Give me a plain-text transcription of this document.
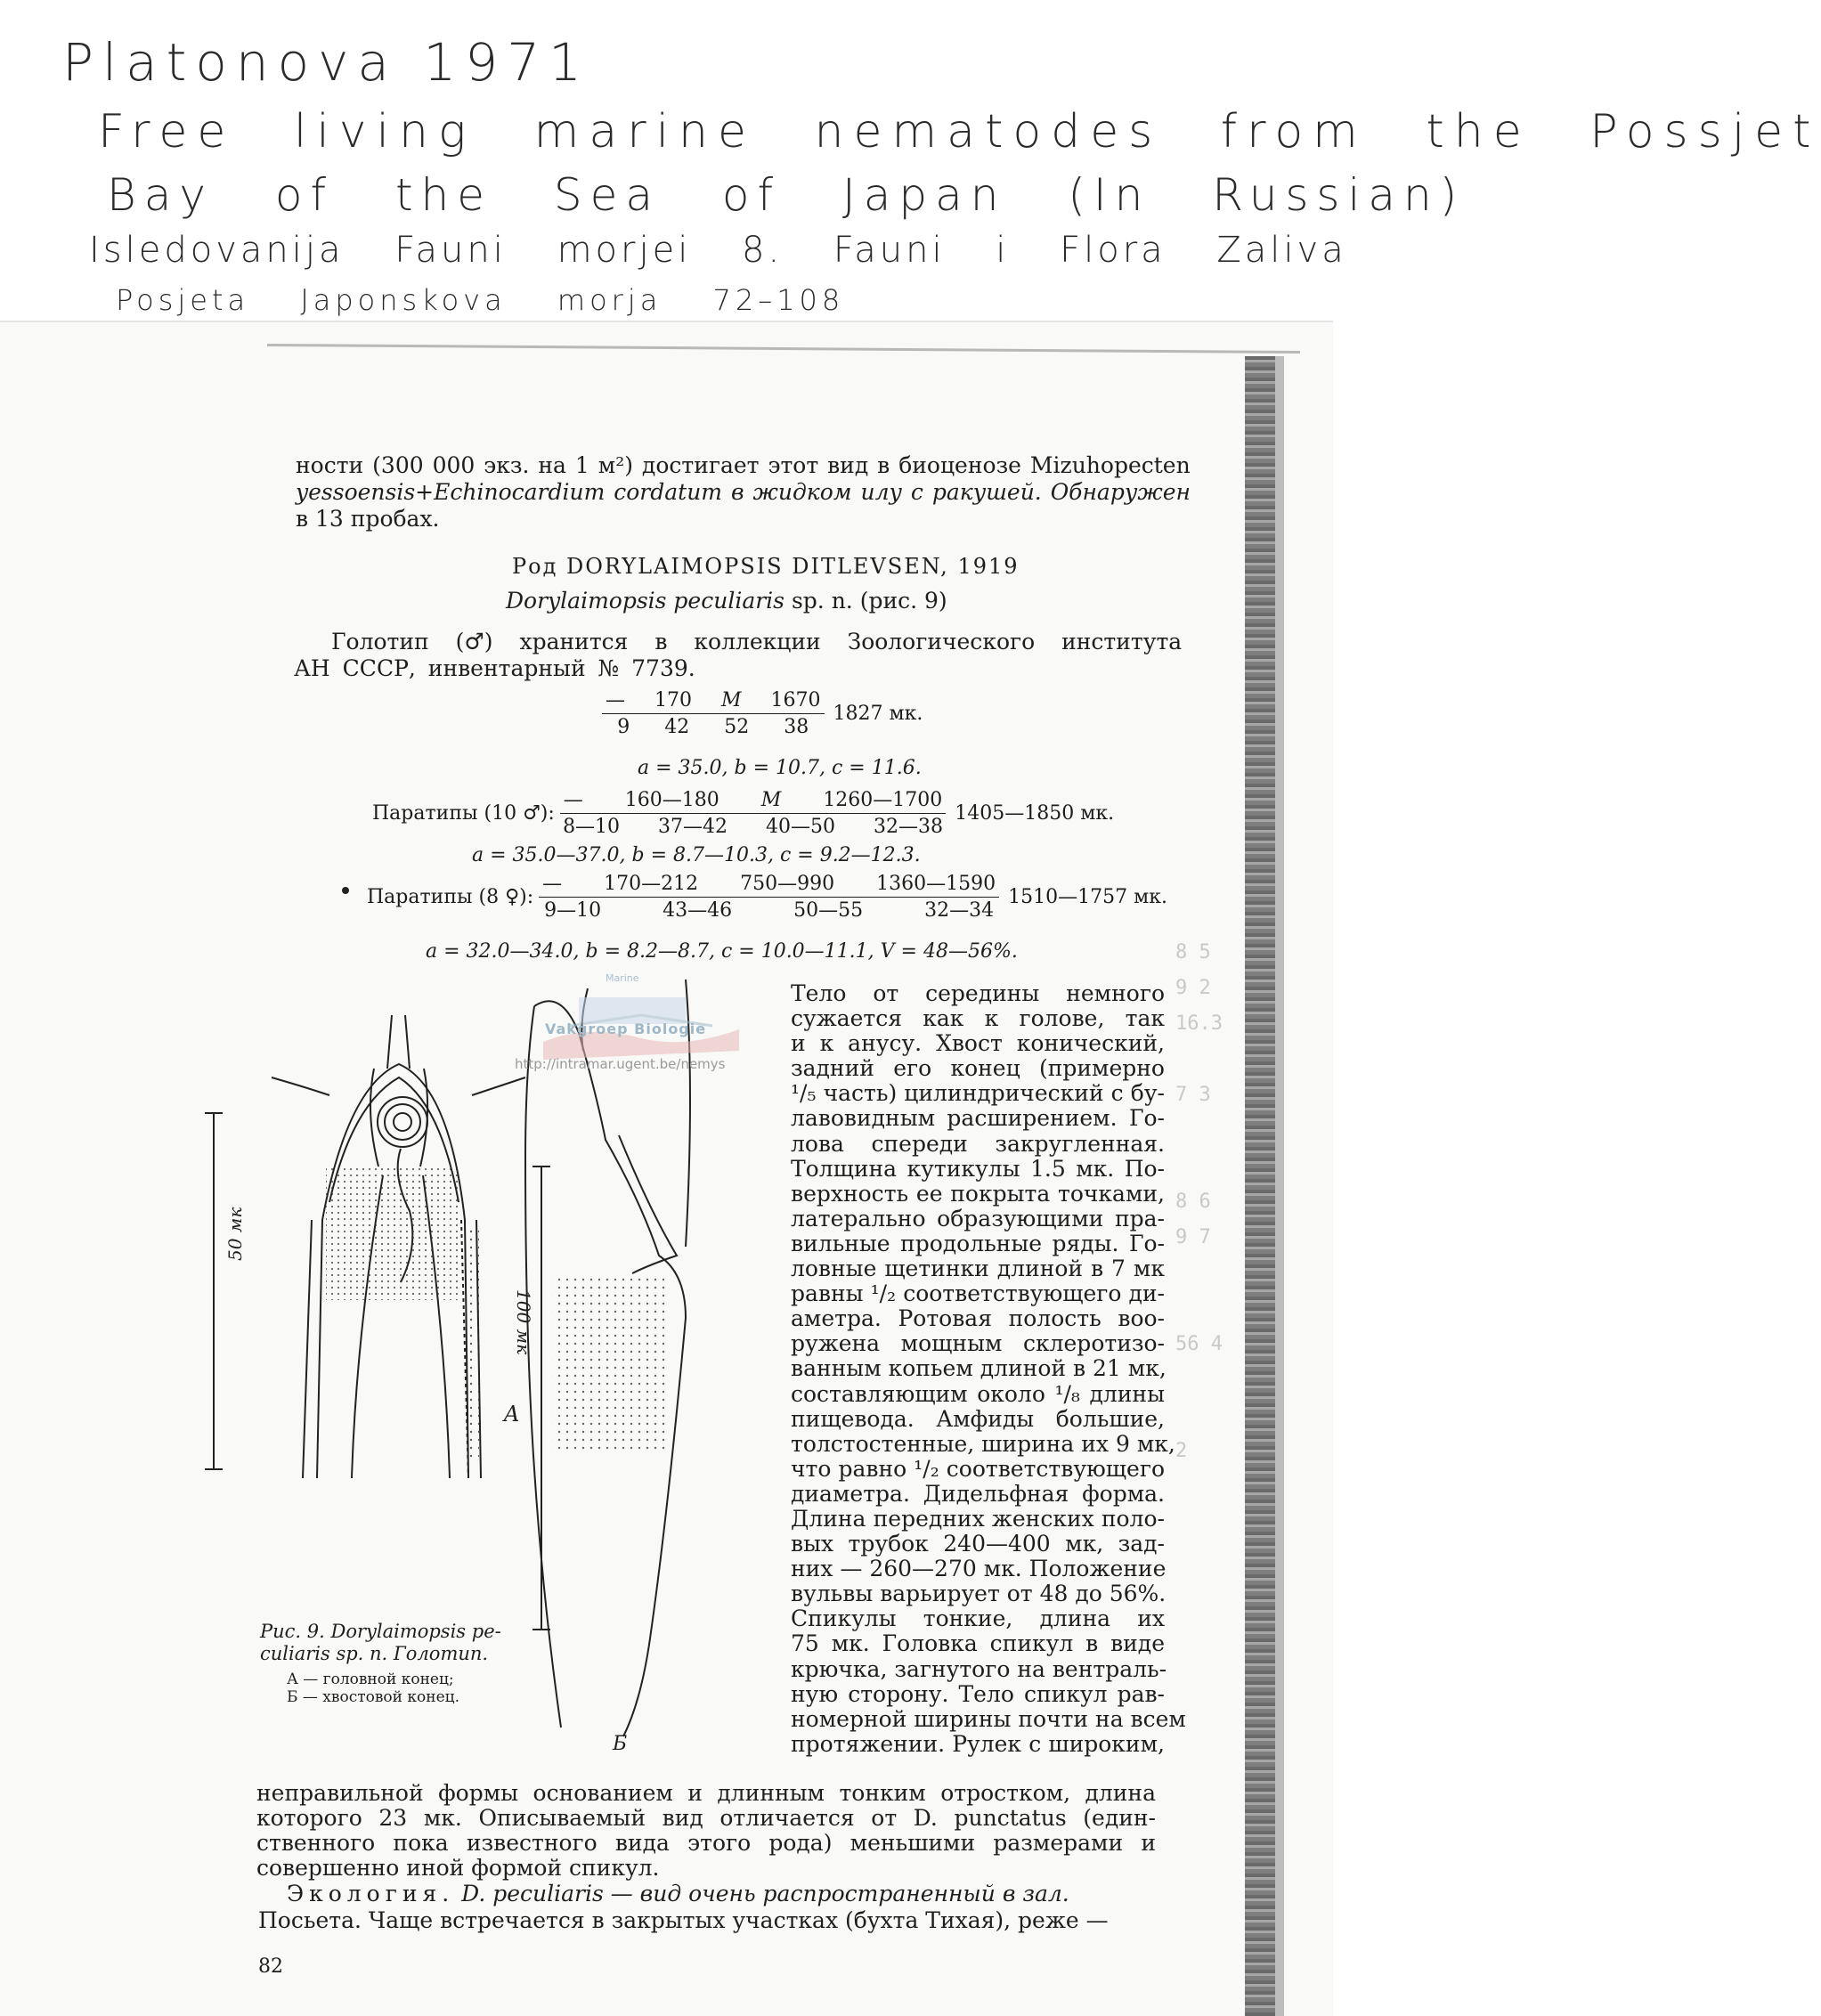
Platonova 1971
Free living marine nematodes from the Possjet
Bay of the Sea of Japan (In Russian)
Isledovanija Fauni morjei 8. Fauni i Flora Zaliva
Posjeta Japonskova morja 72–108
8 5
9 2
16.3

7 3

8 6
9 7

56 4

2
ности (300 000 экз. на 1 м²) достигает этот вид в биоценозе Mizuhopecten
yessoensis+Echinocardium cordatum в жидком илу с ракушей. Обнаружен
в 13 пробах.
Род DORYLAIMOPSIS DITLEVSEN, 1919
Dorylaimopsis peculiaris sp. n. (рис. 9)
Голотип (♂) хранится в коллекции Зоологического института
АН СССР, инвентарный № 7739.
$\frac{— 170 M 1670}{9 42 52 38} 1827$ мк.
a = 35.0, b = 10.7, c = 11.6.
Паратипы (10 ♂): $\frac{— 160—180 M 1260—1700}{8—10 37—42 40—50 32—38}$ 1405—1850 мк.
a = 35.0—37.0, b = 8.7—10.3, c = 9.2—12.3.
Паратипы (8 ♀): $\frac{— 170—212 750—990 1360—1590}{9—10 43—46 50—55 32—34}$ 1510—1757 мк.
a = 32.0—34.0, b = 8.2—8.7, c = 10.0—11.1, V = 48—56%.
50 мк
100 мк
A
Б
Marine
Vakgroep Biologie
http://intramar.ugent.be/nemys
Тело от середины немного
сужается как к голове, так
и к анусу. Хвост конический,
задний его конец (примерно
¹/₅ часть) цилиндрический с бу-
лавовидным расширением. Го-
лова спереди закругленная.
Толщина кутикулы 1.5 мк. По-
верхность ее покрыта точками,
латерально образующими пра-
вильные продольные ряды. Го-
ловные щетинки длиной в 7 мк
равны ¹/₂ соответствующего ди-
аметра. Ротовая полость воо-
ружена мощным склеротизо-
ванным копьем длиной в 21 мк,
составляющим около ¹/₈ длины
пищевода. Амфиды большие,
толстостенные, ширина их 9 мк,
что равно ¹/₂ соответствующего
диаметра. Дидельфная форма.
Длина передних женских поло-
вых трубок 240—400 мк, зад-
них — 260—270 мк. Положение
вульвы варьирует от 48 до 56%.
Спикулы тонкие, длина их
75 мк. Головка спикул в виде
крючка, загнутого на вентраль-
ную сторону. Тело спикул рав-
номерной ширины почти на всем
протяжении. Рулек с широким,
Рис. 9. Dorylaimopsis pe-
culiaris sp. n. Голотип.
А — головной конец;
Б — хвостовой конец.
неправильной формы основанием и длинным тонким отростком, длина
которого 23 мк. Описываемый вид отличается от D. punctatus (един-
ственного пока известного вида этого рода) меньшими размерами и
совершенно иной формой спикул.
Экология. D. peculiaris — вид очень распространенный в зал.
Посьета. Чаще встречается в закрытых участках (бухта Тихая), реже —
82
